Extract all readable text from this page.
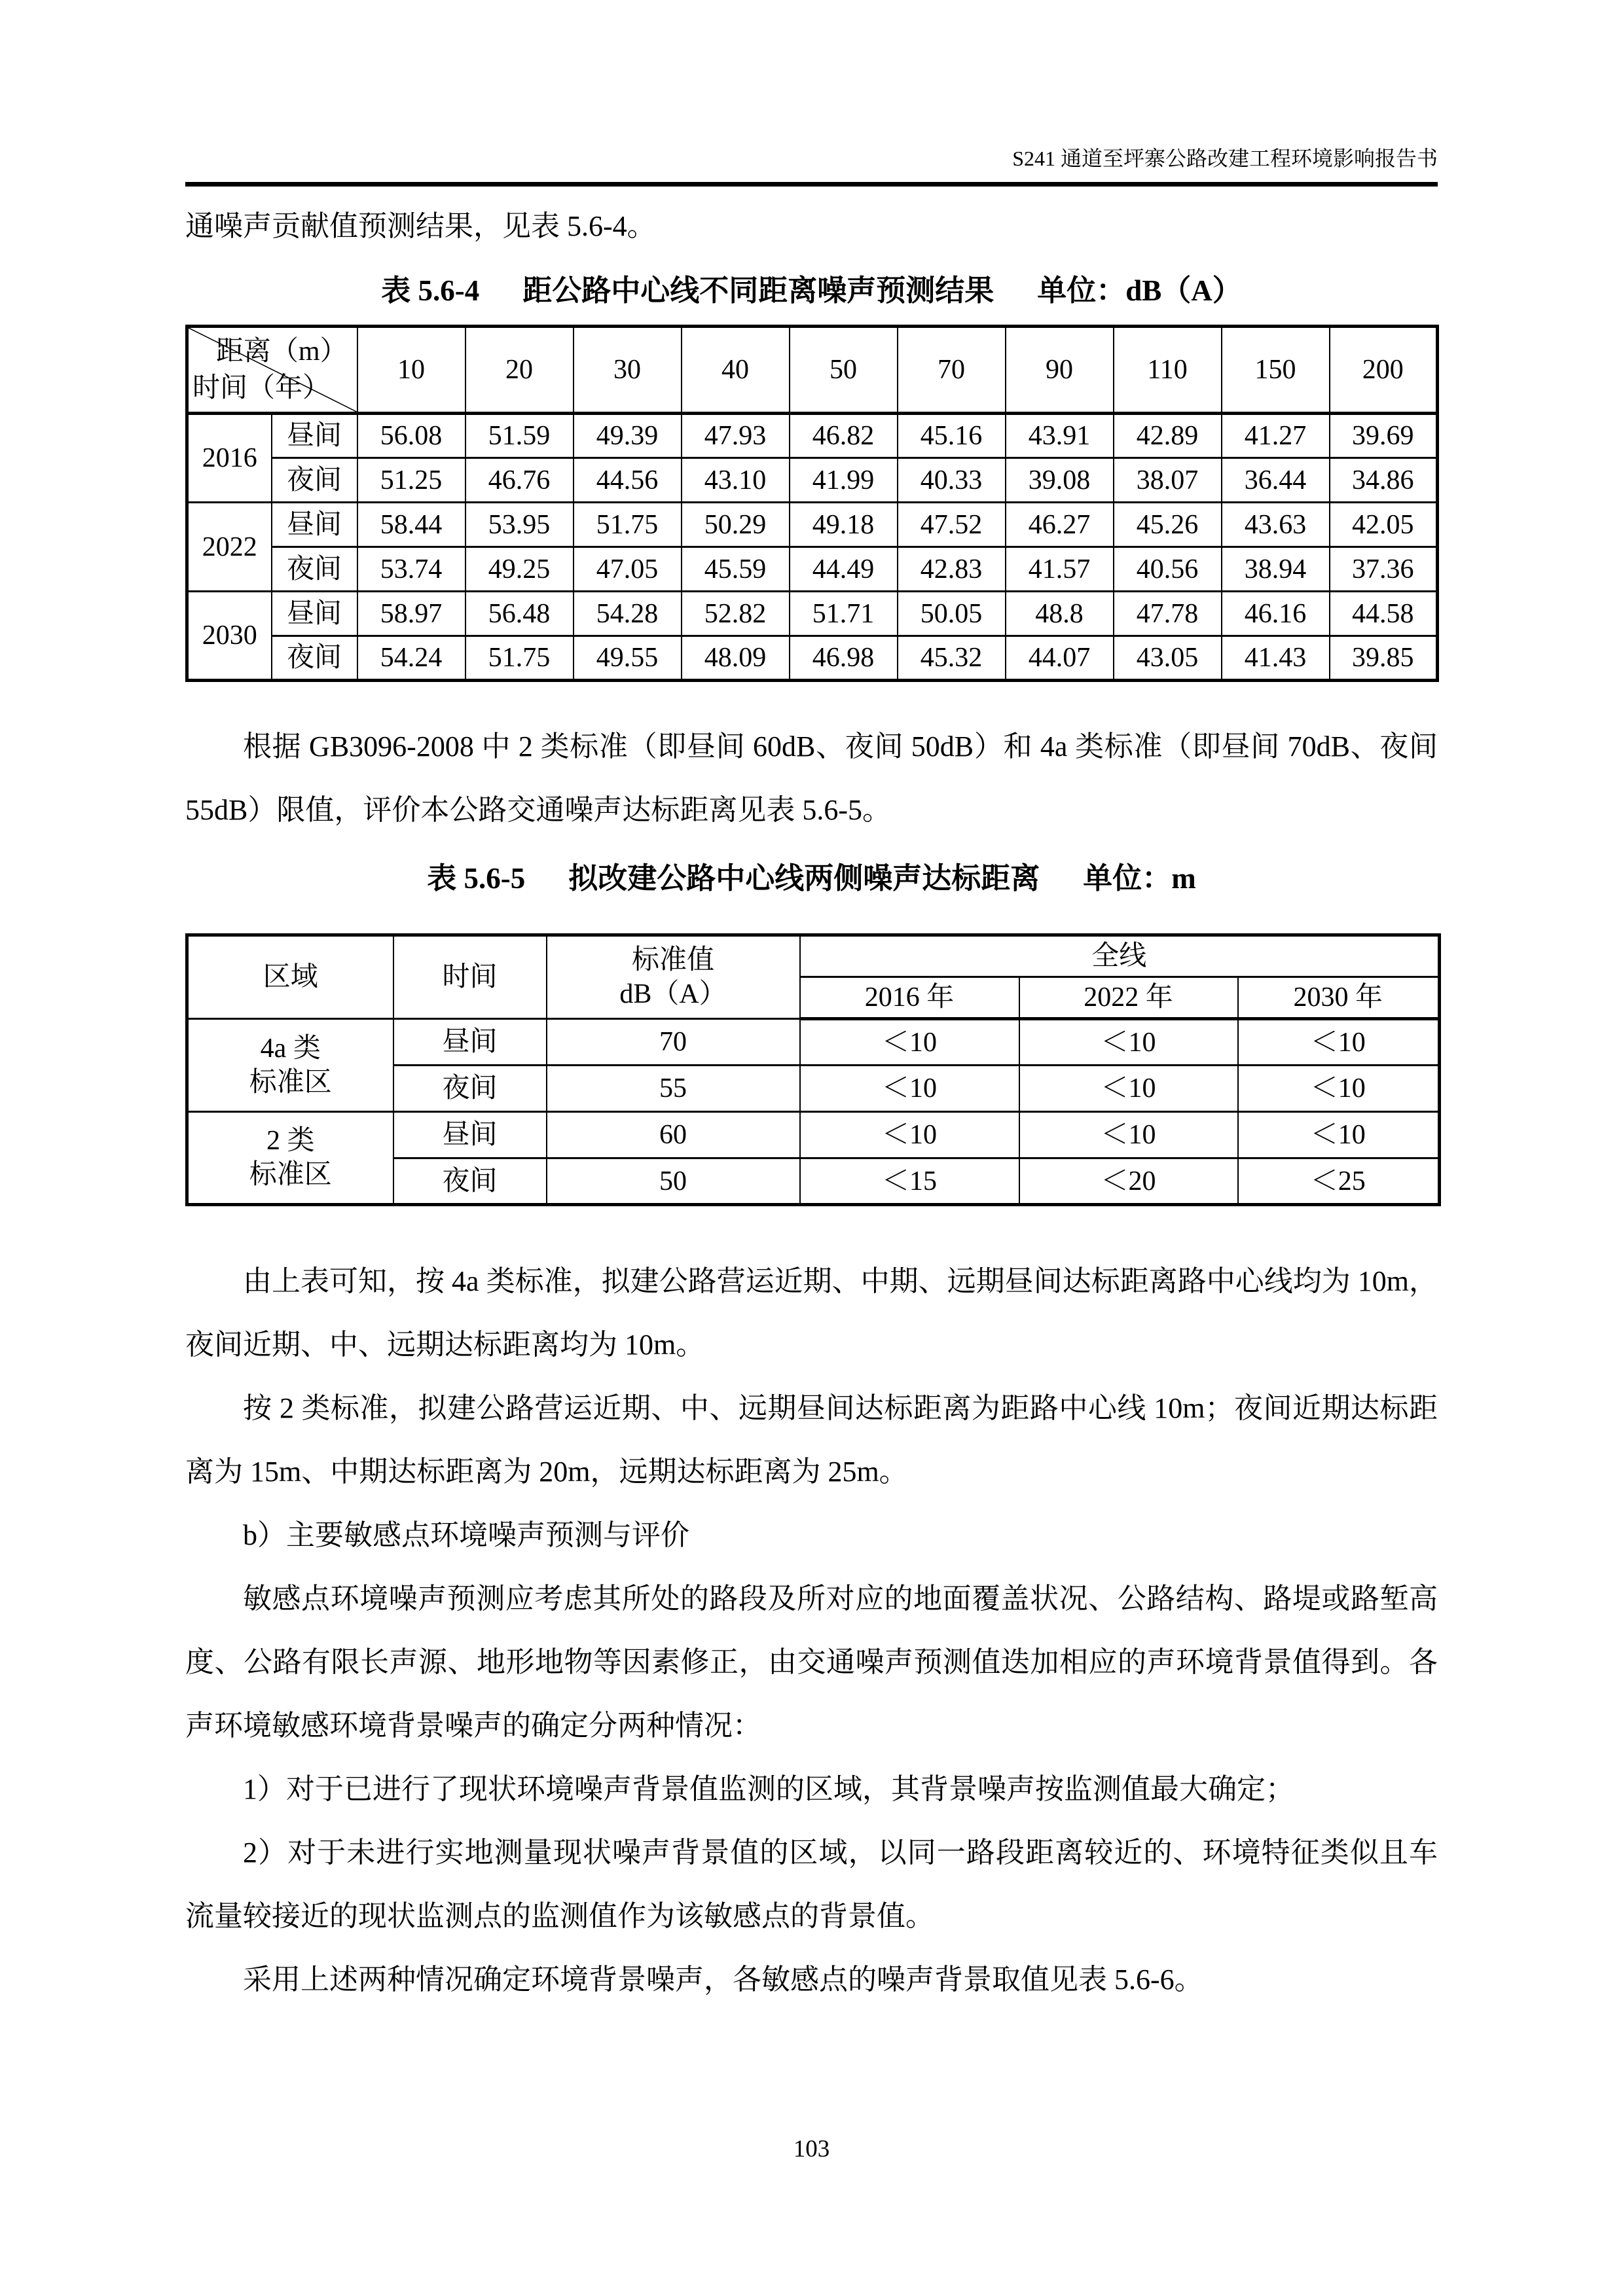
S241 通道至坪寨公路改建工程环境影响报告书

通噪声贡献值预测结果，见表 5.6-4。

表 5.6-4 距公路中心线不同距离噪声预测结果 单位：dB（A）
距离（m）
时间（年）		10	20	30	40	50	70	90	110	150	200
2016	昼间	56.08	51.59	49.39	47.93	46.82	45.16	43.91	42.89	41.27	39.69
	夜间	51.25	46.76	44.56	43.10	41.99	40.33	39.08	38.07	36.44	34.86
2022	昼间	58.44	53.95	51.75	50.29	49.18	47.52	46.27	45.26	43.63	42.05
	夜间	53.74	49.25	47.05	45.59	44.49	42.83	41.57	40.56	38.94	37.36
2030	昼间	58.97	56.48	54.28	52.82	51.71	50.05	48.8	47.78	46.16	44.58
	夜间	54.24	51.75	49.55	48.09	46.98	45.32	44.07	43.05	41.43	39.85

根据 GB3096-2008 中 2 类标准（即昼间 60dB、夜间 50dB）和 4a 类标准（即昼间 70dB、夜间 55dB）限值，评价本公路交通噪声达标距离见表 5.6-5。

表 5.6-5 拟改建公路中心线两侧噪声达标距离 单位：m
区域	时间	标准值
dB（A）	全线		
			2016 年	2022 年	2030 年

4a 类
标准区	昼间	70	＜10	＜10	＜10
	夜间	55	＜10	＜10	＜10

2 类
标准区	昼间	60	＜10	＜10	＜10
	夜间	50	＜15	＜20	＜25

由上表可知，按 4a 类标准，拟建公路营运近期、中期、远期昼间达标距离路中心线均为 10m，夜间近期、中、远期达标距离均为 10m。

按 2 类标准，拟建公路营运近期、中、远期昼间达标距离为距路中心线 10m；夜间近期达标距离为 15m、中期达标距离为 20m，远期达标距离为 25m。

b）主要敏感点环境噪声预测与评价

敏感点环境噪声预测应考虑其所处的路段及所对应的地面覆盖状况、公路结构、路堤或路堑高度、公路有限长声源、地形地物等因素修正，由交通噪声预测值迭加相应的声环境背景值得到。各声环境敏感环境背景噪声的确定分两种情况：

1）对于已进行了现状环境噪声背景值监测的区域，其背景噪声按监测值最大确定；

2）对于未进行实地测量现状噪声背景值的区域，以同一路段距离较近的、环境特征类似且车流量较接近的现状监测点的监测值作为该敏感点的背景值。

采用上述两种情况确定环境背景噪声，各敏感点的噪声背景取值见表 5.6-6。

103
